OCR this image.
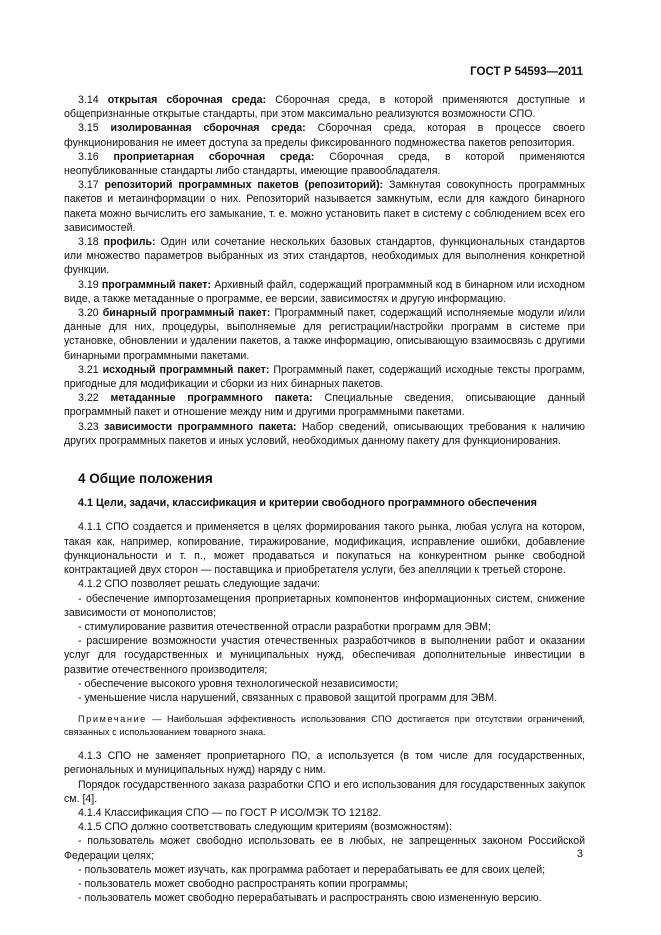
ГОСТ Р 54593—2011

3.14 открытая сборочная среда: Сборочная среда, в которой применяются доступные и общепризнанные открытые стандарты, при этом максимально реализуются возможности СПО.

3.15 изолированная сборочная среда: Сборочная среда, которая в процессе своего функционирования не имеет доступа за пределы фиксированного подмножества пакетов репозитория.

3.16 проприетарная сборочная среда: Сборочная среда, в которой применяются неопубликованные стандарты либо стандарты, имеющие правообладателя.

3.17 репозиторий программных пакетов (репозиторий): Замкнутая совокупность программных пакетов и метаинформации о них. Репозиторий называется замкнутым, если для каждого бинарного пакета можно вычислить его замыкание, т. е. можно установить пакет в систему с соблюдением всех его зависимостей.

3.18 профиль: Один или сочетание нескольких базовых стандартов, функциональных стандартов или множество параметров выбранных из этих стандартов, необходимых для выполнения конкретной функции.

3.19 программный пакет: Архивный файл, содержащий программный код в бинарном или исходном виде, а также метаданные о программе, ее версии, зависимостях и другую информацию.

3.20 бинарный программный пакет: Программный пакет, содержащий исполняемые модули и/или данные для них, процедуры, выполняемые для регистрации/настройки программ в системе при установке, обновлении и удалении пакетов, а также информацию, описывающую взаимосвязь с другими бинарными программными пакетами.

3.21 исходный программный пакет: Программный пакет, содержащий исходные тексты программ, пригодные для модификации и сборки из них бинарных пакетов.

3.22 метаданные программного пакета: Специальные сведения, описывающие данный программный пакет и отношение между ним и другими программными пакетами.

3.23 зависимости программного пакета: Набор сведений, описывающих требования к наличию других программных пакетов и иных условий, необходимых данному пакету для функционирования.

4 Общие положения
4.1 Цели, задачи, классификация и критерии свободного программного обеспечения

4.1.1 СПО создается и применяется в целях формирования такого рынка, любая услуга на котором, такая как, например, копирование, тиражирование, модификация, исправление ошибки, добавление функциональности и т. п., может продаваться и покупаться на конкурентном рынке свободной контрактацией двух сторон — поставщика и приобретателя услуги, без апелляции к третьей стороне.

4.1.2 СПО позволяет решать следующие задачи:

- обеспечение импортозамещения проприетарных компонентов информационных систем, снижение зависимости от монополистов;

- стимулирование развития отечественной отрасли разработки программ для ЭВМ;

- расширение возможности участия отечественных разработчиков в выполнении работ и оказании услуг для государственных и муниципальных нужд, обеспечивая дополнительные инвестиции в развитие отечественного производителя;

- обеспечение высокого уровня технологической независимости;

- уменьшение числа нарушений, связанных с правовой защитой программ для ЭВМ.

Примечание — Наибольшая эффективность использования СПО достигается при отсутствии ограничений, связанных с использованием товарного знака.

4.1.3 СПО не заменяет проприетарного ПО, а используется (в том числе для государственных, региональных и муниципальных нужд) наряду с ним.

Порядок государственного заказа разработки СПО и его использования для государственных закупок см. [4].

4.1.4 Классификация СПО — по ГОСТ Р ИСО/МЭК ТО 12182.

4.1.5 СПО должно соответствовать следующим критериям (возможностям):

- пользователь может свободно использовать ее в любых, не запрещенных законом Российской Федерации целях;

- пользователь может изучать, как программа работает и перерабатывать ее для своих целей;

- пользователь может свободно распространять копии программы;

- пользователь может свободно перерабатывать и распространять свою измененную версию.

3
